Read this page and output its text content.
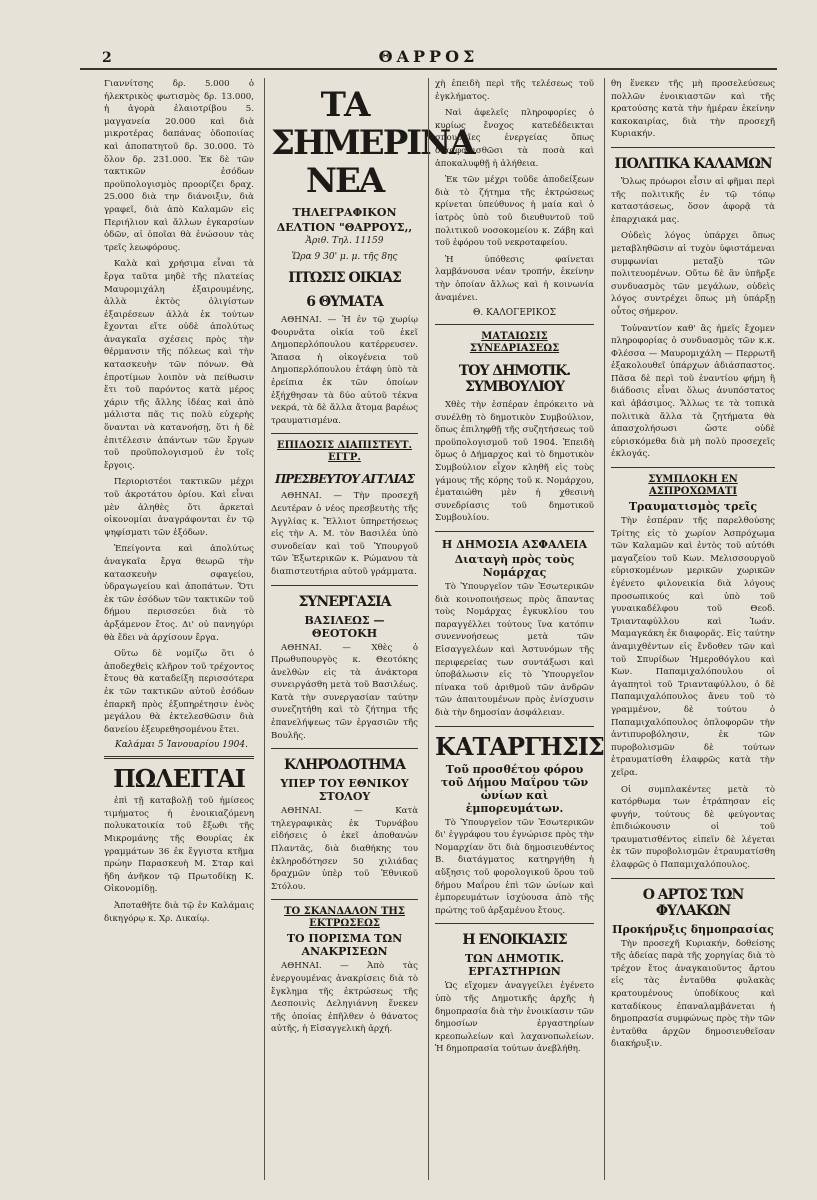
2	ΘΑΡΡΟΣ

Γιαννίτσης δρ. 5.000 ὁ ἠλεκτρικὸς φωτισμὸς δρ. 13.000, ἡ ἀγορὰ ἐλαιοτρίβου 5. μαγγανεία 20.000 καὶ διὰ μικροτέρας δαπάνας ὁδοποιίας καὶ ἀποπατητοῦ δρ. 30.000. Τὸ ὅλον δρ. 231.000. Ἐκ δὲ τῶν τακτικῶν ἐσόδων προϋπολογισμὸς προορίζει δραχ. 25.000 διὰ την διάνοιξιν, διὰ γραφεῖ, διὰ ἀπὸ Καλαμῶν εἰς Περιήλιον καὶ ἄλλων ἐγκαρσίων ὁδῶν, αἱ ὁποῖαι θὰ ἐνώσουν τὰς τρεῖς λεωφόρους.

Καλὰ καὶ χρήσιμα εἶναι τὰ ἔργα ταῦτα μηδὲ τῆς πλατείας Μαυρομιχάλη ἐξαιρουμένης, ἀλλὰ ἐκτὸς ὀλιγίστων ἐξαιρέσεων ἀλλὰ ἐκ τούτων ἔχονται εἴτε οὐδὲ ἀπολύτως ἀναγκαῖα σχέσεις πρὸς τὴν θέρμανσιν τῆς πόλεως καὶ τὴν κατασκευὴν τῶν πόνων. Θὰ ἐπροτίμων λοιπὸν νὰ πείθωσιν ἔτι τοῦ παρόντος κατὰ μέρος χάριν τῆς ἄλλης ἰδέας καὶ ἀπὸ μάλιστα πᾶς τις πολὺ εὐχερὴς ὅνανται νὰ κατανοήσῃ, ὅτι ἡ δὲ ἐπιτέλεσιν ἁπάντων τῶν ἔργων τοῦ προϋπολογισμοῦ ἐν τοῖς ἔργοις.

Περιοριστέοι τακτικῶν μέχρι τοῦ ἀκροτάτου ὁρίου. Καὶ εἶναι μὲν ἀληθὲς ὅτι ἀρκεταὶ οἰκονομίαι ἀναγράφονται ἐν τῷ ψηφίσματι τῶν ἐξόδων.

Ἐπείγοντα καὶ ἀπολύτως ἀναγκαῖα ἔργα θεωρῶ τὴν κατασκευὴν σφαγείου, ὑδραγωγείου καὶ ἀποπάτων. Ὅτι ἐκ τῶν ἐσόδων τῶν τακτικῶν τοῦ δήμου περισσεύει διὰ τὸ ἀρξάμενον ἔτος. Δι' οὐ πανηγύρι θὰ ἔδει νὰ ἀρχίσουν ἔργα.

Οὕτω δὲ νομίζω ὅτι ὁ ἀποδεχθεὶς κλῆρον τοῦ τρέχοντος ἔτους θὰ καταδείξη περισσότερα ἐκ τῶν τακτικῶν αὐτοῦ ἐσόδων ἐπαρκῆ πρὸς ἐξυπηρέτησιν ἑνὸς μεγάλου θὰ ἐκτελεσθῶσιν διὰ δανείου ἐξευρεθησομένου ἔτει.

Καλάμαι 5 Ἰανουαρίου 1904.
ΠΩΛΕΙΤΑΙ

ἐπὶ τῇ καταβολῇ τοῦ ἡμίσεος τιμήματος ἡ ἐνοικιαζόμενη πολυκατοικία τοῦ ἔξωθι τῆς Μικρομάνης τῆς Θουρίας ἐκ γραμμάτων 36 ἐκ ἔγγιστα κτῆμα πρώην Παρασκευὴ Μ. Σταρ καὶ ἤδη ἀνῆκον τῷ Πρωτοδίκῃ Κ. Οἰκονομίδῃ.

Ἀποταθῆτε διὰ τῷ ἐν Καλάμαις δικηγόρῳ κ. Χρ. Δικαίῳ.

ΤΑ ΣΗΜΕΡΙΝΑ ΝΕΑ
ΤΗΛΕΓΡΑΦΙΚΟΝ
ΔΕΛΤΙΟΝ "ΘΑΡΡΟΥΣ,,
Ἀριθ. Τηλ. 11159
Ὥρα 9 30' μ. μ. τῆς 8ης
ΠΤΩΣΙΣ ΟΙΚΙΑΣ
6 ΘΥΜΑΤΑ

ΑΘΗΝΑΙ. — Ἡ ἐν τῷ χωρίῳ Φουρνᾶτα οἰκία τοῦ ἐκεῖ Δημοπερλόπουλου κατέρρευσεν. Ἅπασα ἡ οἰκογένεια τοῦ Δημοπερλόπουλου ἐτάφη ὑπὸ τὰ ἐρείπια ἐκ τῶν ὁποίων ἐξήχθησαν τὰ δύο αὐτοῦ τέκνα νεκρά, τὰ δὲ ἄλλα ἄτομα βαρέως τραυματισμένα.

ΕΠΙΔΟΣΙΣ ΔΙΑΠΙΣΤΕΥΤ. ΕΓΓΡ.
ΠΡΕΣΒΕΥΤΟΥ ΑΓΓΛΙΑΣ

ΑΘΗΝΑΙ. — Τὴν προσεχῆ Δευτέραν ὁ νέος πρεσβευτὴς τῆς Ἀγγλίας κ. Ἔλλιοτ ὑπηρετήσεως εἰς τὴν Α. Μ. τὸν Βασιλέα ὑπὸ συνοδείαν καὶ τοῦ Ὑπουργοῦ τῶν Ἐξωτερικῶν κ. Ρώμανου τὰ διαπιστευτήρια αὐτοῦ γράμματα.

ΣΥΝΕΡΓΑΣΙΑ
ΒΑΣΙΛΕΩΣ — ΘΕΟΤΟΚΗ

ΑΘΗΝΑΙ. — Χθὲς ὁ Πρωθυπουργὸς κ. Θεοτόκης ἀνελθὼν εἰς τὰ ἀνάκτορα συνειργάσθη μετὰ τοῦ Βασιλέως. Κατὰ τὴν συνεργασίαν ταύτην συνεζητήθη καὶ τὸ ζήτημα τῆς ἐπανελήψεως τῶν ἐργασιῶν τῆς Βουλῆς.

ΚΛΗΡΟΔΟΤΗΜΑ
ΥΠΕΡ ΤΟΥ ΕΘΝΙΚΟΥ ΣΤΟΛΟΥ

ΑΘΗΝΑΙ. — Κατὰ τηλεγραφικὰς ἐκ Τυρνάβου εἰδήσεις ὁ ἐκεῖ ἀποθανὼν Πλαντᾶς, διὰ διαθήκης του ἐκληροδότησεν 50 χιλιάδας δραχμῶν ὑπὲρ τοῦ Ἐθνικοῦ Στόλου.

ΤΟ ΣΚΑΝΔΑΛΟΝ ΤΗΣ ΕΚΤΡΩΣΕΩΣ
ΤΟ ΠΟΡΙΣΜΑ ΤΩΝ ΑΝΑΚΡΙΣΕΩΝ

ΑΘΗΝΑΙ. — Ἀπὸ τὰς ἐνεργουμένας ἀνακρίσεις διὰ τὸ ἔγκλημα τῆς ἐκτρώσεως τῆς Δεσποινὶς Δεληγιάννη ἕνεκεν τῆς ὁποίας ἐπῆλθεν ὁ θάνατος αὐτῆς, ἡ Εἰσαγγελικὴ ἀρχή.

χὴ ἐπειδὴ περὶ τῆς τελέσεως τοῦ ἐγκλήματος.

Ναὶ ἀφελεῖς πληροφορίες ὁ κυρίως ἔνοχος κατεδέδεικται σπουδαῖες ἐνεργείας ὅπως διασφαλισθῶσι τὰ ποσὰ καὶ ἀποκαλυφθῇ ἡ ἀλήθεια.

Ἐκ τῶν μέχρι τοῦδε ἀποδείξεων διὰ τὸ ζήτημα τῆς ἐκτρώσεως κρίνεται ὑπεύθυνος ἡ μαία καὶ ὁ ἰατρὸς ὑπὸ τοῦ διευθυντοῦ τοῦ πολιτικοῦ νοσοκομείου κ. Ζάβη καὶ τοῦ ἐφόρου τοῦ νεκροταφείου.

Ἡ ὑπόθεσις φαίνεται λαμβάνουσα νέαν τροπήν, ἐκείνην τὴν ὁποίαν ἄλλως καὶ ἡ κοινωνία ἀναμένει.

Θ. ΚΑΛΟΓΕΡΙΚΟΣ
ΜΑΤΑΙΩΣΙΣ ΣΥΝΕΔΡΙΑΣΕΩΣ
ΤΟΥ ΔΗΜΟΤΙΚ. ΣΥΜΒΟΥΛΙΟΥ

Χθὲς τὴν ἑσπέραν ἐπρόκειτο νὰ συνέλθῃ τὸ δημοτικὸν Συμβούλιον, ὅπως ἐπιληφθῇ τῆς συζητήσεως τοῦ προϋπολογισμοῦ τοῦ 1904. Ἐπειδὴ ὅμως ὁ Δήμαρχος καὶ τὸ δημοτικὸν Συμβούλιον εἶχον κληθῆ εἰς τοὺς γάμους τῆς κόρης τοῦ κ. Νομάρχου, ἐματαιώθη μὲν ἡ χθεσινὴ συνεδρίασις τοῦ δημοτικοῦ Συμβουλίου.

Η ΔΗΜΟΣΙΑ ΑΣΦΑΛΕΙΑ
Διαταγὴ πρὸς τοὺς Νομάρχας

Τὸ Ὑπουργεῖον τῶν Ἐσωτερικῶν διὰ κοινοποιήσεως πρὸς ἅπαντας τοὺς Νομάρχας ἐγκυκλίου του παραγγέλλει τούτους ἵνα κατόπιν συνεννοήσεως μετὰ τῶν Εἰσαγγελέων καὶ Ἀστυνόμων τῆς περιφερείας των συντάξωσι καὶ ὑποβάλωσιν εἰς τὸ Ὑπουργεῖον πίνακα τοῦ ἀριθμοῦ τῶν ἀνδρῶν τῶν ἀπαιτουμένων πρὸς ἐνίσχυσιν διὰ τὴν δημοσίαν ἀσφάλειαν.

ΚΑΤΑΡΓΗΣΙΣ
Τοῦ προσθέτου φόρου τοῦ Δήμου Μαΐρου τῶν ὠνίων καὶ ἐμπορευμάτων.

Τὸ Ὑπουργεῖον τῶν Ἐσωτερικῶν δι' ἐγγράφου του ἐγνώρισε πρὸς τὴν Νομαρχίαν ὅτι διὰ δημοσιευθέντος Β. διατάγματος κατηργήθη ἡ αὔξησις τοῦ φορολογικοῦ ὅρου τοῦ δήμου Μαΐρου ἐπὶ τῶν ὠνίων καὶ ἐμπορευμάτων ἰσχύουσα ἀπὸ τῆς πρώτης τοῦ ἀρξαμένου ἔτους.

Η ΕΝΟΙΚΙΑΣΙΣ
ΤΩΝ ΔΗΜΟΤΙΚ. ΕΡΓΑΣΤΗΡΙΩΝ

Ὡς εἴχομεν ἀναγγείλει ἐγένετο ὑπὸ τῆς Δημοτικῆς ἀρχῆς ἡ δημοπρασία διὰ τὴν ἐνοικίασιν τῶν δημοσίων ἐργαστηρίων κρεοπωλείων καὶ λαχανοπωλείων. Ἡ δημοπρασία τούτων ἀνεβλήθη.

θη ἕνεκεν τῆς μὴ προσελεύσεως πολλῶν ἐνοικιαστῶν καὶ τῆς κρατούσης κατὰ τὴν ἡμέραν ἐκείνην κακοκαιρίας, διὰ τὴν προσεχῆ Κυριακήν.

ΠΟΛΙΤΙΚΑ ΚΑΛΑΜΩΝ

Ὅλως πρόωροι εἶσιν αἱ φῆμαι περὶ τῆς πολιτικῆς ἐν τῷ τόπῳ καταστάσεως, ὅσον ἀφορᾷ τὰ ἐπαρχιακά μας.

Οὐδεὶς λόγος ὑπάρχει ὅπως μεταβληθῶσιν αἱ τυχὸν ὑφιστάμεναι συμφωνίαι μεταξὺ τῶν πολιτευομένων. Οὕτω δὲ ἂν ὑπῆρξε συνδυασμὸς τῶν μεγάλων, οὐδεὶς λόγος συντρέχει ὅπως μὴ ὑπάρξῃ οὗτος σήμερον.

Τοὐναντίον καθ' ἃς ἡμεῖς ἔχομεν πληροφορίας ὁ συνδυασμὸς τῶν κ.κ. Φλέσσα — Μαυρομιχάλη — Περρωτῆ ἐξακολουθεῖ ὑπάρχων ἀδιάσπαστος. Πᾶσα δὲ περὶ τοῦ ἐναντίου φήμη ἢ διάδοσις εἶναι ὅλως ἀνυπόστατος καὶ ἀβάσιμος. Ἄλλως τε τὰ τοπικὰ πολιτικὰ ἄλλα τὰ ζητήματα θὰ ἀπασχολήσωσι ὥστε οὐδὲ εὑρισκόμεθα διὰ μὴ πολὺ προσεχεῖς ἐκλογάς.

ΣΥΜΠΛΟΚΗ ΕΝ ΑΣΠΡΟΧΩΜΑΤΙ
Τραυματισμὸς τρεῖς

Τὴν ἑσπέραν τῆς παρελθούσης Τρίτης εἰς τὸ χωρίον Ἀσπρόχωμα τῶν Καλαμῶν καὶ ἐντὸς τοῦ αὐτόθι μαγαζείου τοῦ Κων. Μελισσουργοῦ εὑρισκομένων μερικῶν χωρικῶν ἐγένετο φιλονεικία διὰ λόγους προσωπικούς καὶ ὑπὸ τοῦ γυναικαδέλφου τοῦ Θεοδ. Τριανταφύλλου καὶ Ἰωάν. Μαμαγκάκη ἐκ διαφορᾶς. Εἰς ταύτην ἀναμιχθέντων εἰς ἔνδοθεν τῶν καὶ τοῦ Σπυρίδων Ἠμεροθόγλου καὶ Κων. Παπαμιχαλόπουλου οἱ ἀγαπητοὶ τοῦ Τριανταφύλλου, ὁ δὲ Παπαμιχαλόπουλος ἄνευ τοῦ τὸ γραμμένον, δὲ τούτου ὁ Παπαμιχαλόπουλος ὁπλοφορῶν τὴν ἀντιπυροβόλησιν, ἐκ τῶν πυροβολισμῶν δὲ τούτων ἐτραυματίσθη ἐλαφρῶς κατὰ τὴν χεῖρα.

Οἱ συμπλακέντες μετὰ τὸ κατόρθωμα των ἐτράπησαν εἰς φυγήν, τούτους δὲ φεύγοντας ἐπιδιώκουσιν οἱ τοῦ τραυματισθέντος εἰπεῖν δὲ λέγεται ἐκ τῶν πυροβολισμῶν ἐτραυματίσθη ἐλαφρῶς ὁ Παπαμιχαλόπουλος.

Ο ΑΡΤΟΣ ΤΩΝ ΦΥΛΑΚΩΝ
Προκήρυξις δημοπρασίας

Τὴν προσεχῆ Κυριακήν, δοθείσης τῆς ἀδείας παρὰ τῆς χορηγίας διὰ τὸ τρέχον ἔτος ἀναγκαιοῦντος ἄρτου εἰς τὰς ἐνταῦθα φυλακὰς κρατουμένους ὑποδίκους καὶ καταδίκους ἐπαναλαμβάνεται ἡ δημοπρασία συμφώνως πρὸς τὴν τῶν ἐνταῦθα ἀρχῶν δημοσιευθεῖσαν διακήρυξιν.
